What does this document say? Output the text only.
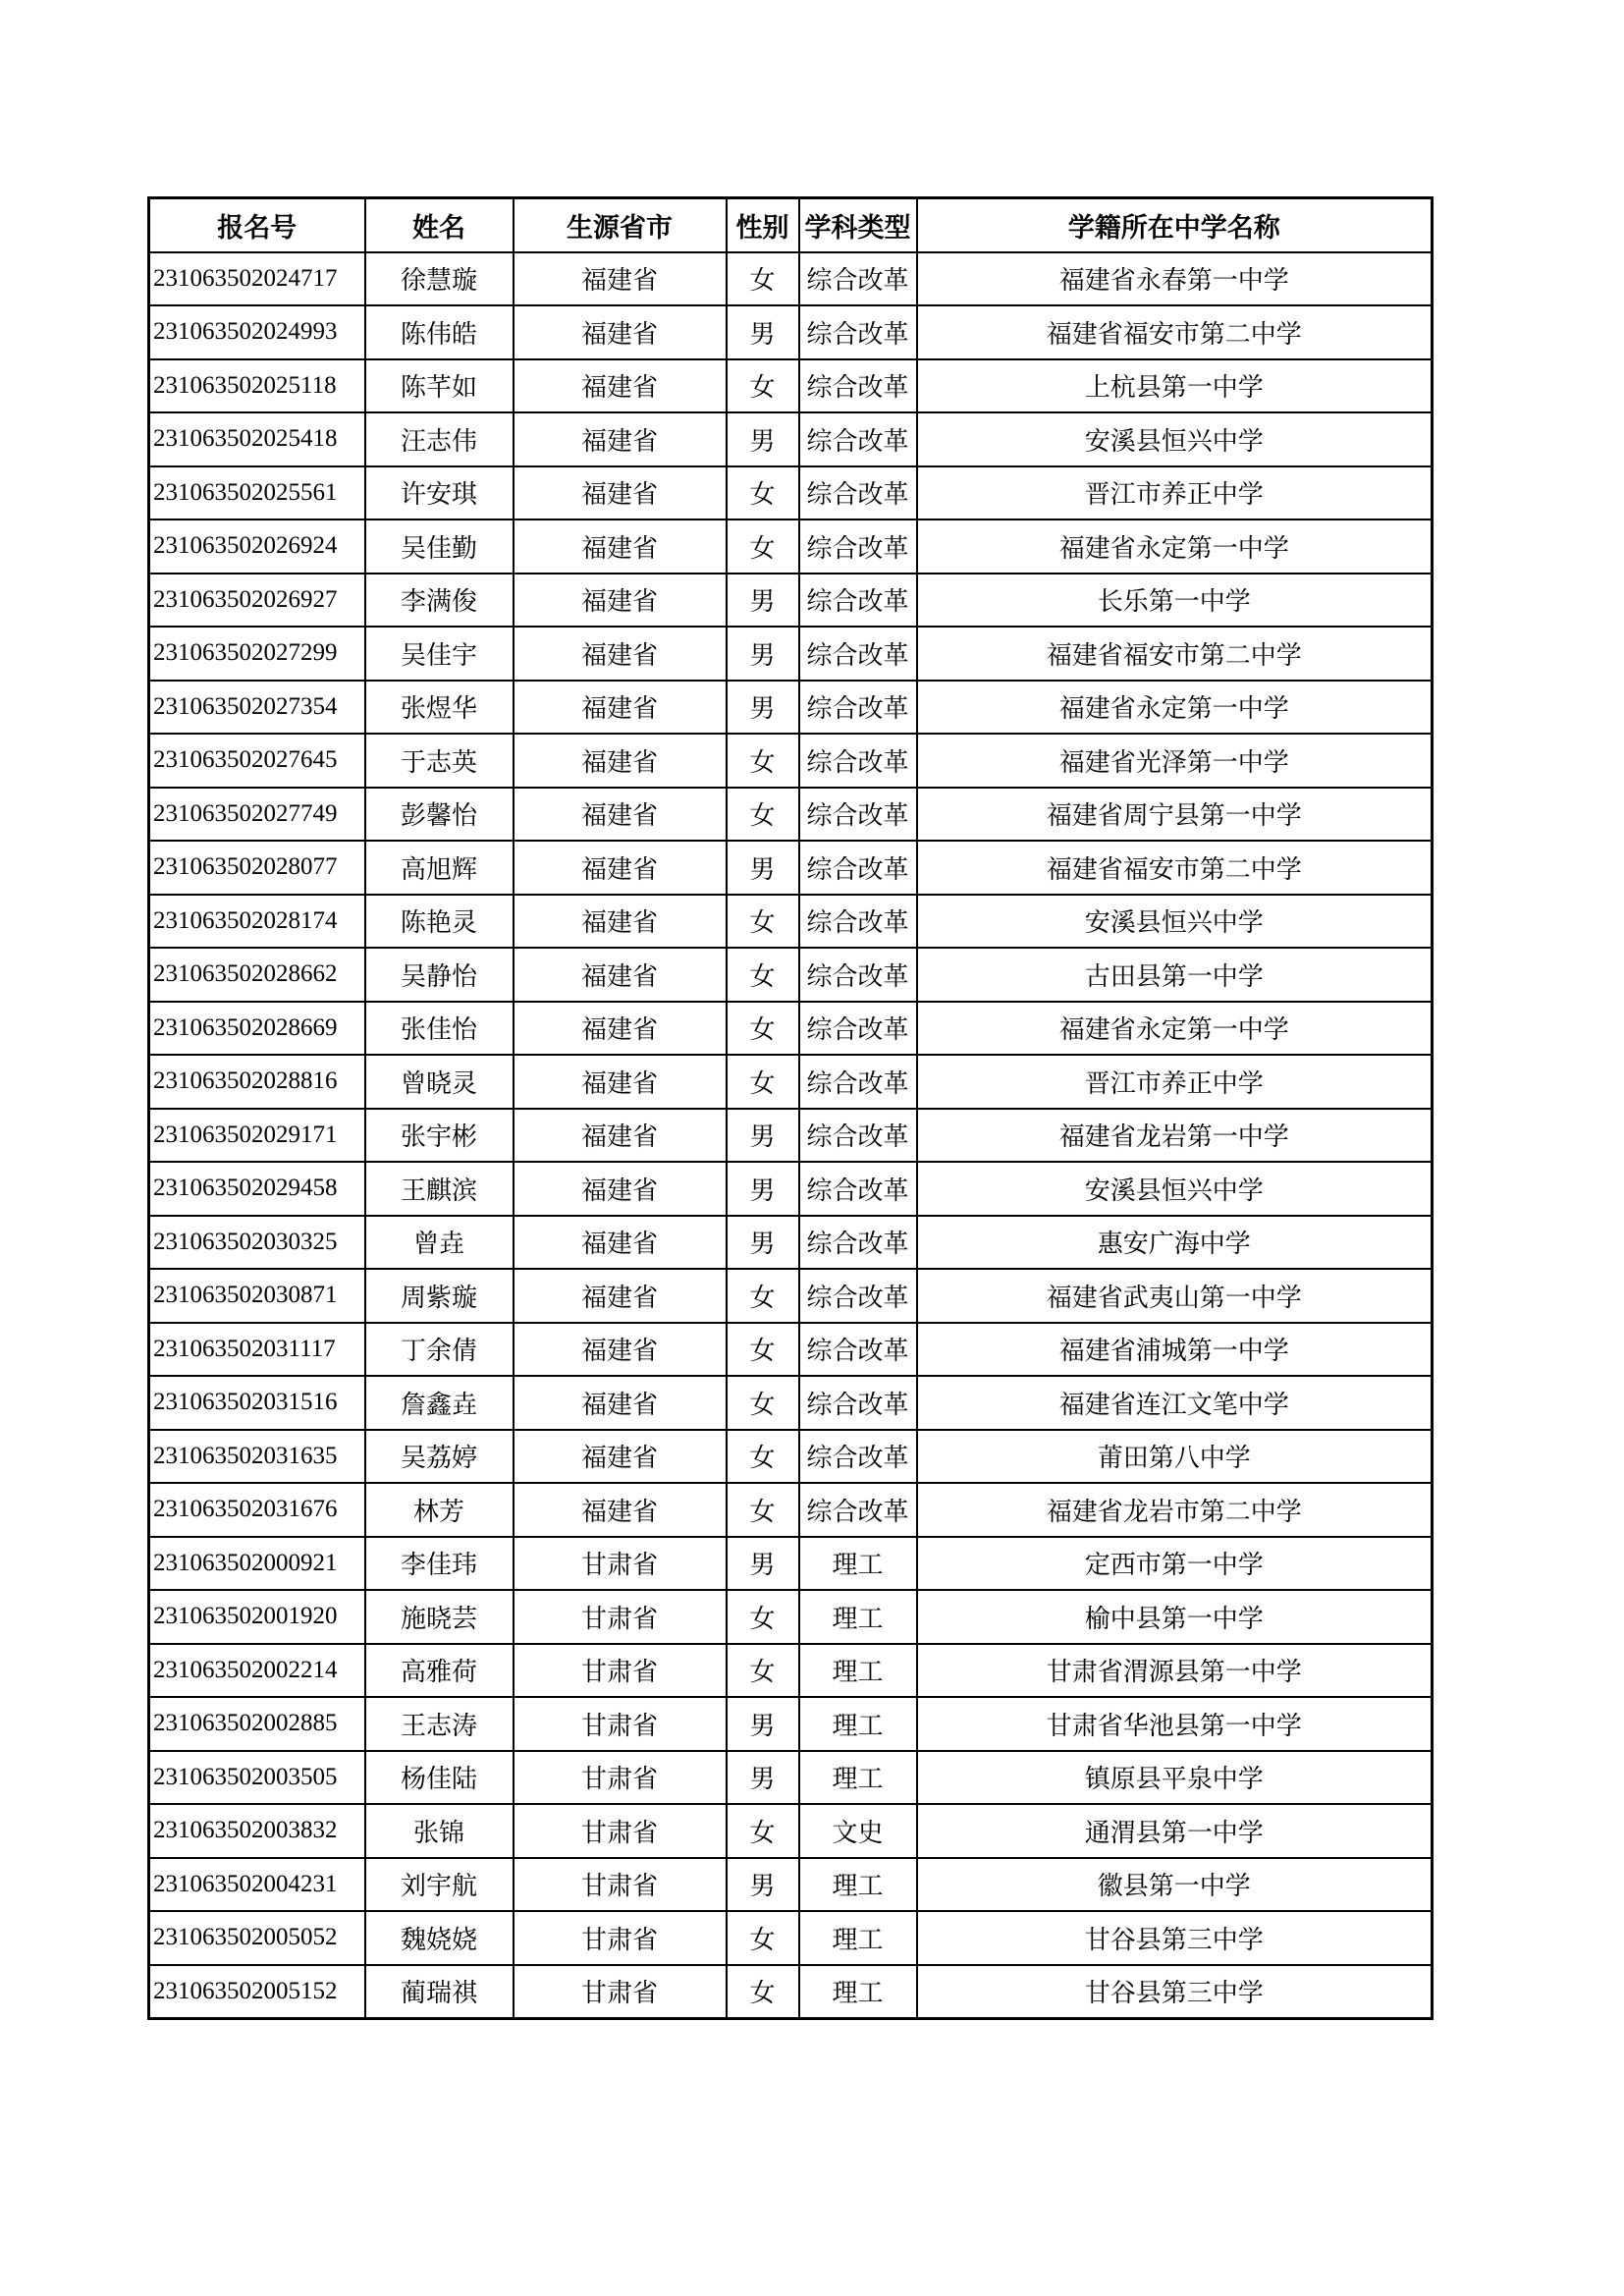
报名号	姓名	生源省市	性别	学科类型	学籍所在中学名称
231063502024717	徐慧璇	福建省	女	综合改革	福建省永春第一中学
231063502024993	陈伟皓	福建省	男	综合改革	福建省福安市第二中学
231063502025118	陈芊如	福建省	女	综合改革	上杭县第一中学
231063502025418	汪志伟	福建省	男	综合改革	安溪县恒兴中学
231063502025561	许安琪	福建省	女	综合改革	晋江市养正中学
231063502026924	吴佳勤	福建省	女	综合改革	福建省永定第一中学
231063502026927	李满俊	福建省	男	综合改革	长乐第一中学
231063502027299	吴佳宇	福建省	男	综合改革	福建省福安市第二中学
231063502027354	张煜华	福建省	男	综合改革	福建省永定第一中学
231063502027645	于志英	福建省	女	综合改革	福建省光泽第一中学
231063502027749	彭馨怡	福建省	女	综合改革	福建省周宁县第一中学
231063502028077	高旭辉	福建省	男	综合改革	福建省福安市第二中学
231063502028174	陈艳灵	福建省	女	综合改革	安溪县恒兴中学
231063502028662	吴静怡	福建省	女	综合改革	古田县第一中学
231063502028669	张佳怡	福建省	女	综合改革	福建省永定第一中学
231063502028816	曾晓灵	福建省	女	综合改革	晋江市养正中学
231063502029171	张宇彬	福建省	男	综合改革	福建省龙岩第一中学
231063502029458	王麒滨	福建省	男	综合改革	安溪县恒兴中学
231063502030325	曾垚	福建省	男	综合改革	惠安广海中学
231063502030871	周紫璇	福建省	女	综合改革	福建省武夷山第一中学
231063502031117	丁余倩	福建省	女	综合改革	福建省浦城第一中学
231063502031516	詹鑫垚	福建省	女	综合改革	福建省连江文笔中学
231063502031635	吴荔婷	福建省	女	综合改革	莆田第八中学
231063502031676	林芳	福建省	女	综合改革	福建省龙岩市第二中学
231063502000921	李佳玮	甘肃省	男	理工	定西市第一中学
231063502001920	施晓芸	甘肃省	女	理工	榆中县第一中学
231063502002214	高雅荷	甘肃省	女	理工	甘肃省渭源县第一中学
231063502002885	王志涛	甘肃省	男	理工	甘肃省华池县第一中学
231063502003505	杨佳陆	甘肃省	男	理工	镇原县平泉中学
231063502003832	张锦	甘肃省	女	文史	通渭县第一中学
231063502004231	刘宇航	甘肃省	男	理工	徽县第一中学
231063502005052	魏娆娆	甘肃省	女	理工	甘谷县第三中学
231063502005152	蔺瑞祺	甘肃省	女	理工	甘谷县第三中学
